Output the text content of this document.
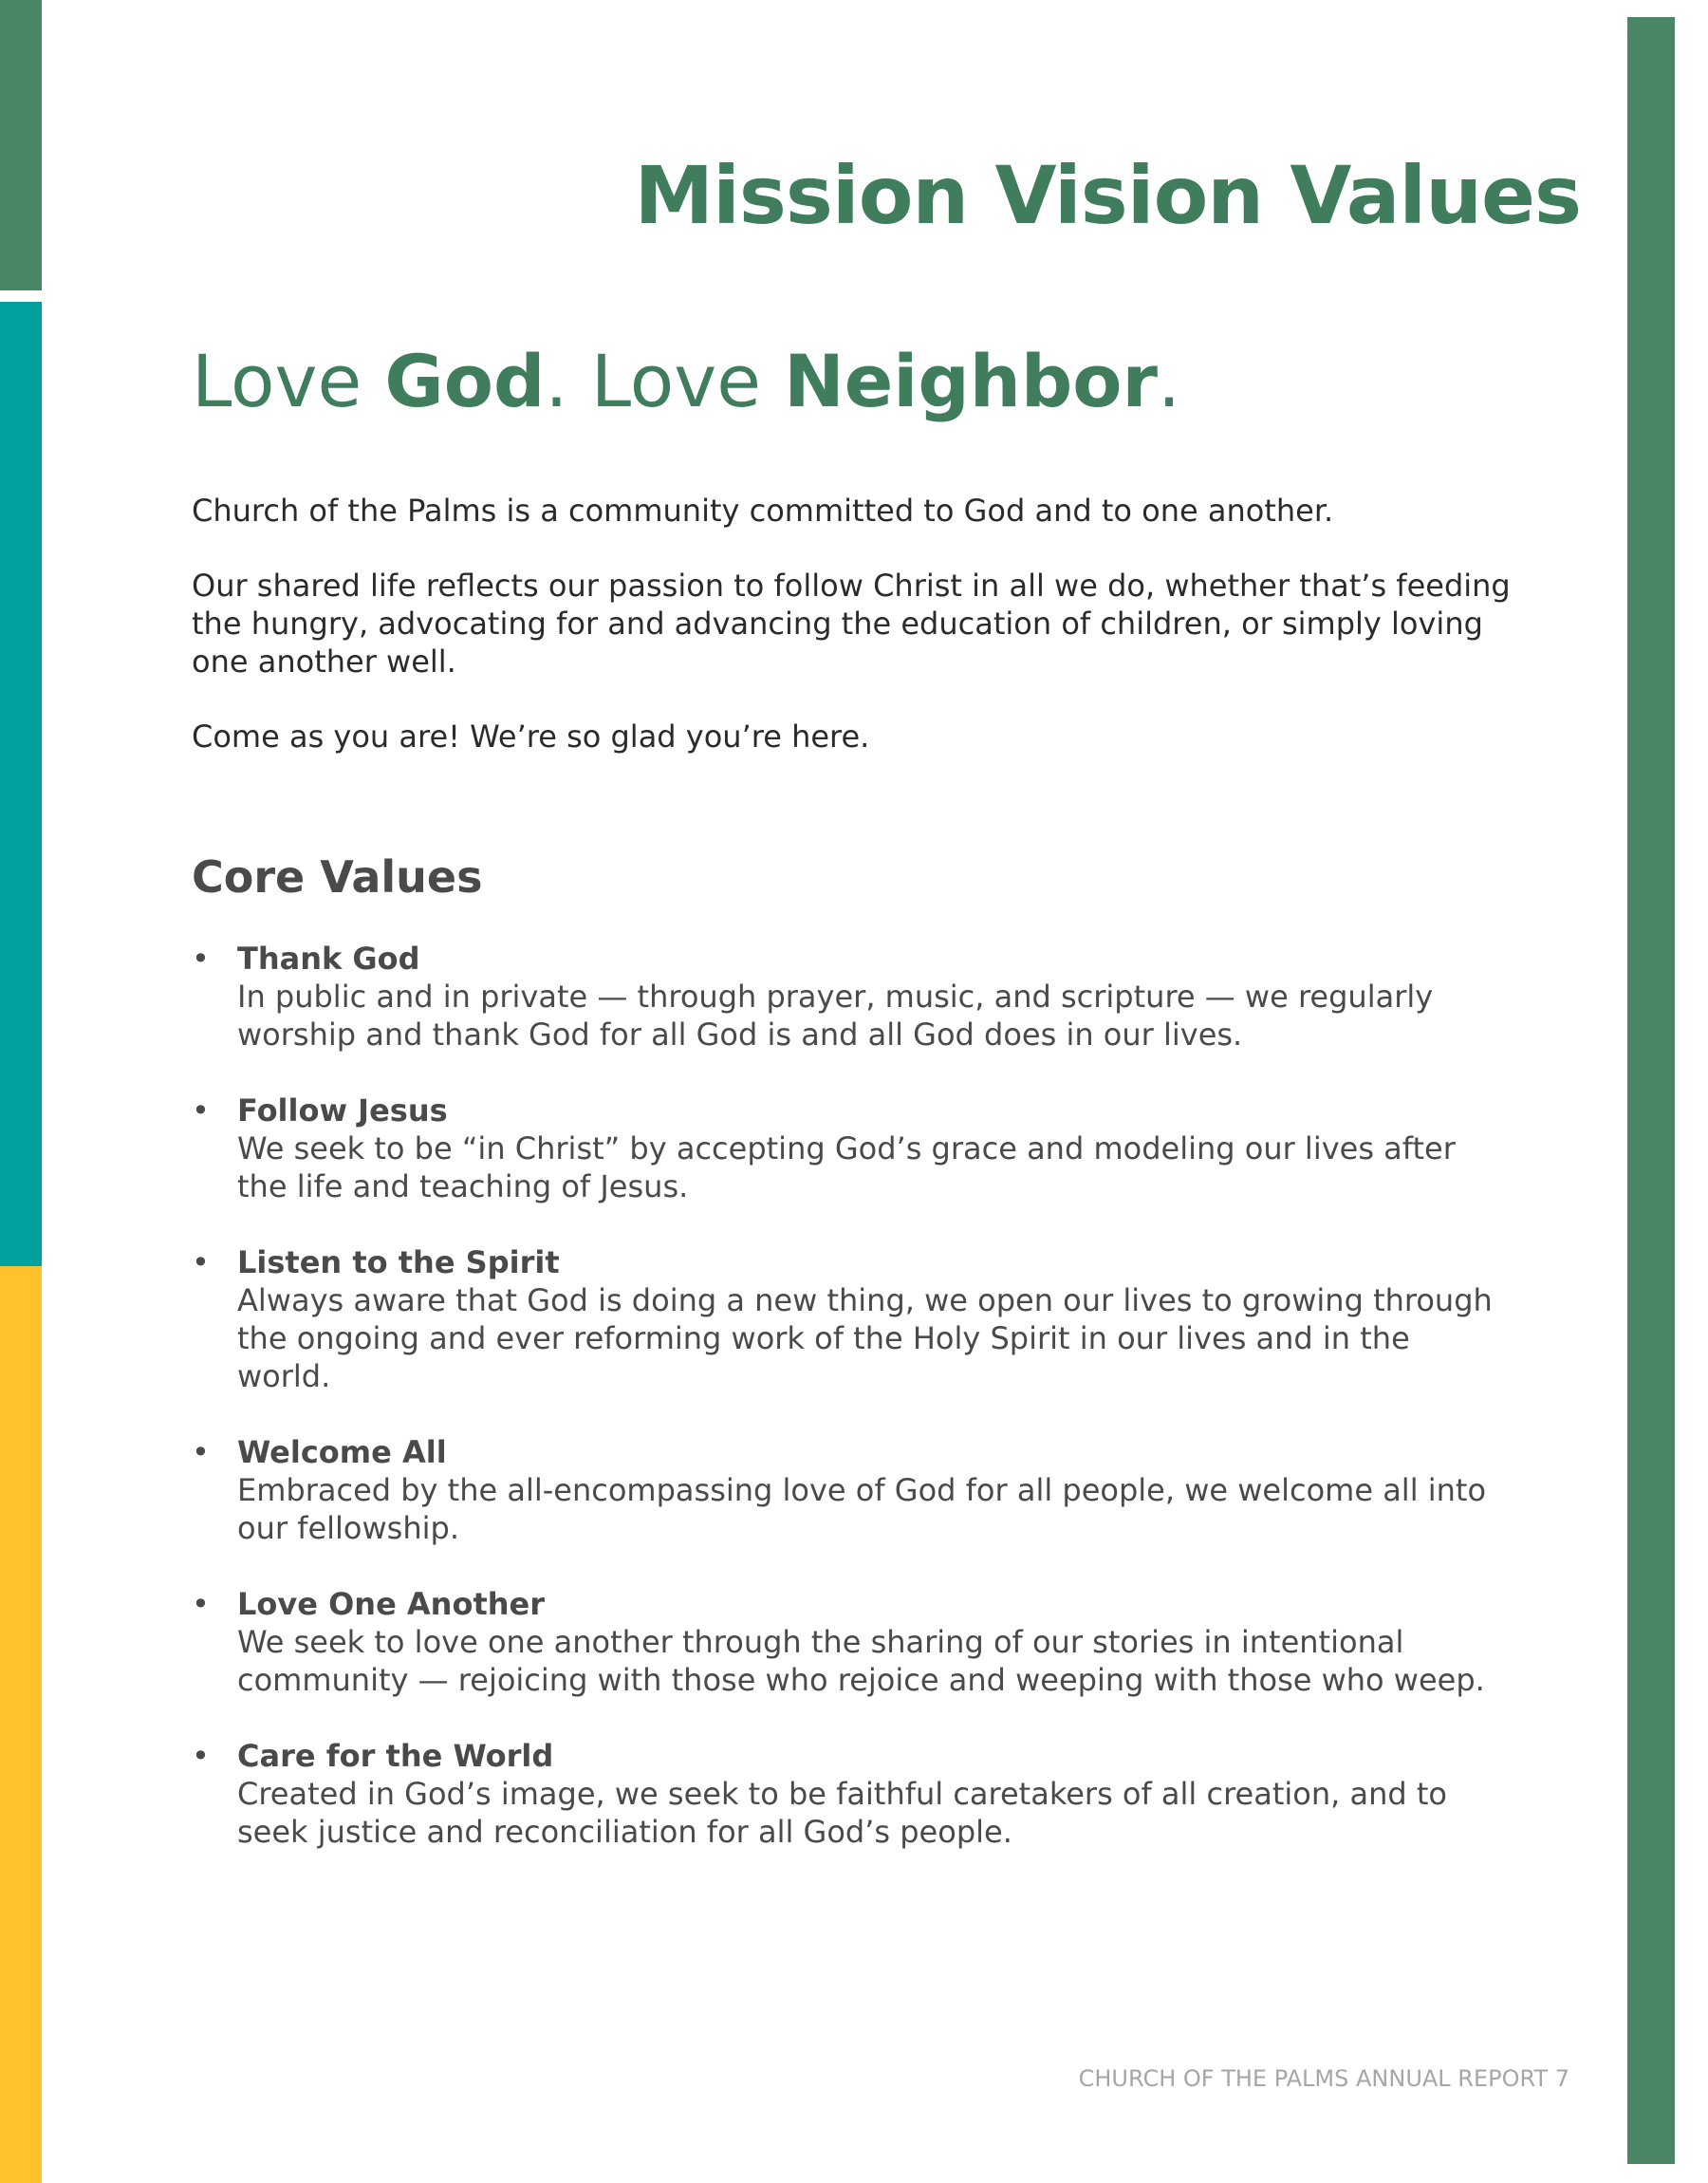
Mission Vision Values
Love God. Love Neighbor.

Church of the Palms is a community committed to God and to one another.

Our shared life reflects our passion to follow Christ in all we do, whether that’s feeding the hungry, advocating for and advancing the education of children, or simply loving one another well.

Come as you are! We’re so glad you’re here.

Core Values
• Thank God
In public and in private — through prayer, music, and scripture — we regularly worship and thank God for all God is and all God does in our lives.
• Follow Jesus
We seek to be “in Christ” by accepting God’s grace and modeling our lives after the life and teaching of Jesus.
• Listen to the Spirit
Always aware that God is doing a new thing, we open our lives to growing through the ongoing and ever reforming work of the Holy Spirit in our lives and in the world.
• Welcome All
Embraced by the all-encompassing love of God for all people, we welcome all into our fellowship.
• Love One Another
We seek to love one another through the sharing of our stories in intentional community — rejoicing with those who rejoice and weeping with those who weep.
• Care for the World
Created in God’s image, we seek to be faithful caretakers of all creation, and to seek justice and reconciliation for all God’s people.

CHURCH OF THE PALMS ANNUAL REPORT 7
